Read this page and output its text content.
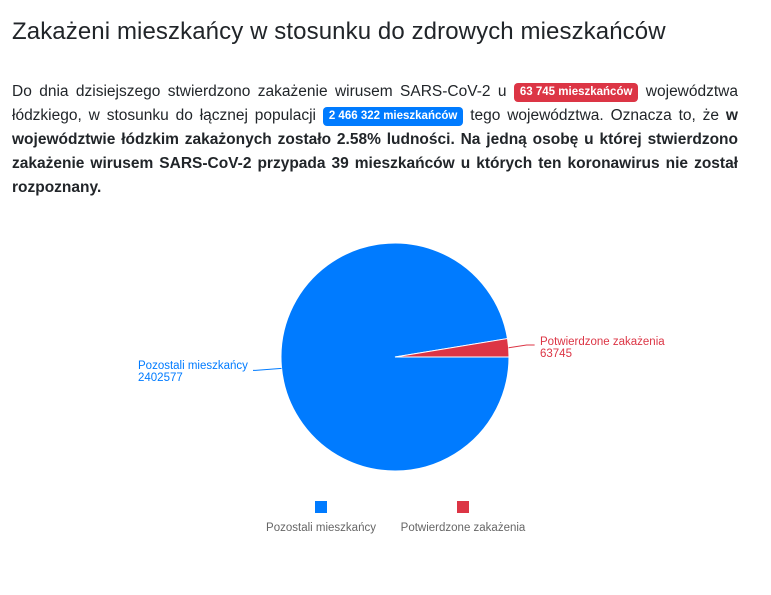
Zakażeni mieszkańcy w stosunku do zdrowych mieszkańców

Do dnia dzisiejszego stwierdzono zakażenie wirusem SARS-CoV-2 u 63 745 mieszkańców województwa łódzkiego, w stosunku do łącznej populacji 2 466 322 mieszkańców tego województwa. Oznacza to, że w województwie łódzkim zakażonych zostało 2.58% ludności. Na jedną osobę u której stwierdzono zakażenie wirusem SARS-CoV-2 przypada 39 mieszkańców u których ten koronawirus nie został rozpoznany.

Potwierdzone zakażenia
63745
Pozostali mieszkańcy
2402577
Pozostali mieszkańcy Potwierdzone zakażenia
